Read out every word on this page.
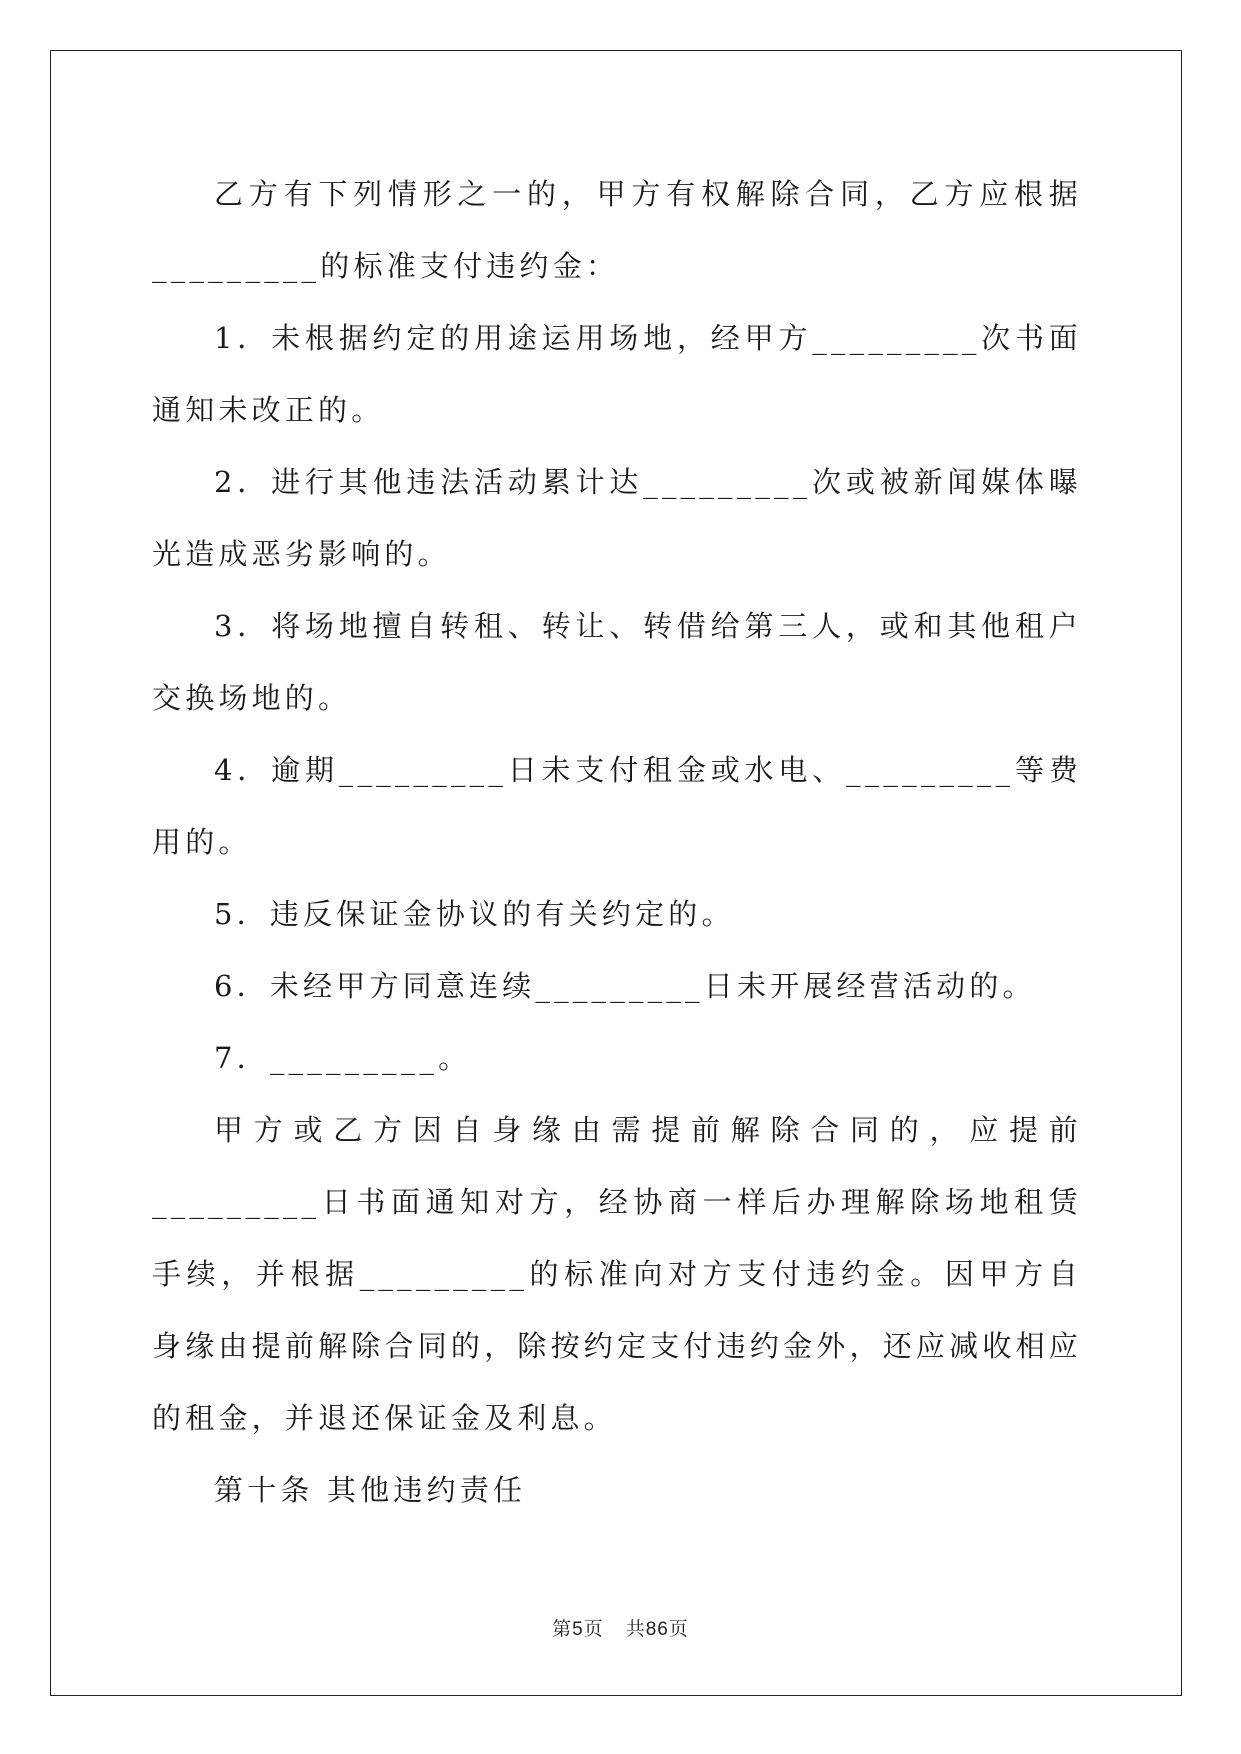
乙方有下列情形之一的，甲方有权解除合同，乙方应根据_________的标准支付违约金：

1．未根据约定的用途运用场地，经甲方_________次书面通知未改正的。

2．进行其他违法活动累计达_________次或被新闻媒体曝光造成恶劣影响的。

3．将场地擅自转租、转让、转借给第三人，或和其他租户交换场地的。

4．逾期_________日未支付租金或水电、_________等费用的。

5．违反保证金协议的有关约定的。

6．未经甲方同意连续_________日未开展经营活动的。

7．_________。

甲方或乙方因自身缘由需提前解除合同的，应提前_________日书面通知对方，经协商一样后办理解除场地租赁手续，并根据_________的标准向对方支付违约金。因甲方自身缘由提前解除合同的，除按约定支付违约金外，还应减收相应的租金，并退还保证金及利息。

第十条 其他违约责任

第5页 共86页
